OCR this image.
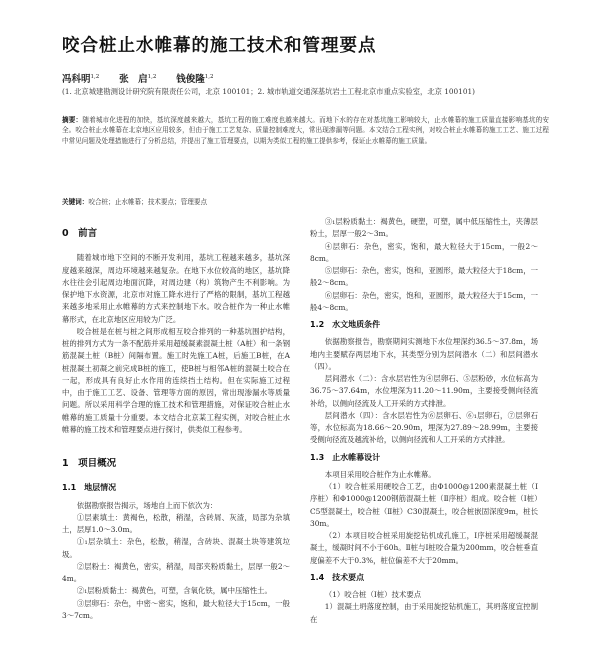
咬合桩止水帷幕的施工技术和管理要点
冯科明$^{1,2}$ 张　启$^{1,2}$ 钱俊隆$^{1,2}$
(1. 北京城建勘测设计研究院有限责任公司，北京 100101；2. 城市轨道交通深基坑岩土工程北京市重点实验室，北京 100101)
摘要：随着城市化进程的加快，基坑深度越来越大，基坑工程的施工难度也越来越大。而地下水的存在对基坑施工影响较大，止水帷幕的施工质量直接影响基坑的安全。咬合桩止水帷幕在北京地区应用较多，但由于施工工艺复杂、质量控制难度大，常出现渗漏等问题。本文结合工程实例，对咬合桩止水帷幕的施工工艺、施工过程中常见问题及处理措施进行了分析总结，并提出了施工管理要点，以期为类似工程的施工提供参考，保证止水帷幕的施工质量。
关键词：咬合桩；止水帷幕；技术要点；管理要点
0　前言

随着城市地下空间的不断开发利用，基坑工程越来越多，基坑深度越来越深，周边环境越来越复杂。在地下水位较高的地区，基坑降水往往会引起周边地面沉降，对周边建（构）筑物产生不利影响。为保护地下水资源，北京市对施工降水进行了严格的限制，基坑工程越来越多地采用止水帷幕的方式来控制地下水。咬合桩作为一种止水帷幕形式，在北京地区应用较为广泛。

咬合桩是在桩与桩之间形成相互咬合排列的一种基坑围护结构，桩的排列方式为一条不配筋并采用超缓凝素混凝土桩（A桩）和一条钢筋混凝土桩（B桩）间隔布置。施工时先施工A桩，后施工B桩，在A桩混凝土初凝之前完成B桩的施工，使B桩与相邻A桩的混凝土咬合在一起，形成具有良好止水作用的连续挡土结构。但在实际施工过程中，由于施工工艺、设备、管理等方面的原因，常出现渗漏水等质量问题。所以采用科学合理的施工技术和管理措施，对保证咬合桩止水帷幕的施工质量十分重要。本文结合北京某工程实例，对咬合桩止水帷幕的施工技术和管理要点进行探讨，供类似工程参考。

1　项目概况
1.1　地层情况

依据勘察报告揭示，场地自上而下依次为：

①层素填土：黄褐色，松散，稍湿，含砖屑、灰渣，局部为杂填土，层厚1.0～3.0m。

①₁层杂填土：杂色，松散，稍湿，含砖块、混凝土块等建筑垃圾。

②层粉土：褐黄色，密实，稍湿，局部夹粉质黏土，层厚一般2～4m。

②₁层粉质黏土：褐黄色，可塑，含氧化铁，属中压缩性土。

③层卵石：杂色，中密～密实，饱和，最大粒径大于15cm，一般3～7cm。

③₁层粉质黏土：褐黄色，硬塑，可塑，属中低压缩性土，夹薄层粉土，层厚一般2～3m。

④层卵石：杂色，密实，饱和，最大粒径大于15cm，一般2～8cm。

⑤层卵石：杂色，密实，饱和，亚圆形，最大粒径大于18cm，一般2～8cm。

⑥层卵石：杂色，密实，饱和，亚圆形，最大粒径大于15cm，一般4～8cm。

1.2　水文地质条件

依据勘察报告，勘察期间实测地下水位埋深约36.5～37.8m，场地内主要赋存两层地下水，其类型分别为层间潜水（二）和层间潜水（四）。

层间潜水（二）：含水层岩性为④层卵石、⑤层粉砂，水位标高为36.75～37.64m，水位埋深为11.20～11.90m，主要接受侧向径流补给，以侧向径流及人工开采的方式排泄。

层间潜水（四）：含水层岩性为⑥层卵石、⑥₁层卵石，⑦层卵石等，水位标高为18.66～20.90m，埋深为27.89～28.99m，主要接受侧向径流及越流补给，以侧向径流和人工开采的方式排泄。

1.3　止水帷幕设计

本项目采用咬合桩作为止水帷幕。

（1）咬合桩采用硬咬合工艺，由Φ1000@1200素混凝土桩（I序桩）和Φ1000@1200钢筋混凝土桩（Ⅱ序桩）组成。咬合桩（I桩）C5型混凝土，咬合桩（Ⅱ桩）C30混凝土，咬合桩嵌固深度9m，桩长30m。

（2）本项目咬合桩采用旋挖钻机成孔施工，I序桩采用超缓凝混凝土，缓凝时间不小于60h。Ⅱ桩与Ⅰ桩咬合量为200mm，咬合桩垂直度偏差不大于0.3%，桩位偏差不大于20mm。

1.4　技术要点

（1）咬合桩（I桩）技术要点

1）混凝土坍落度控制，由于采用旋挖钻机施工，其坍落度宜控制在
